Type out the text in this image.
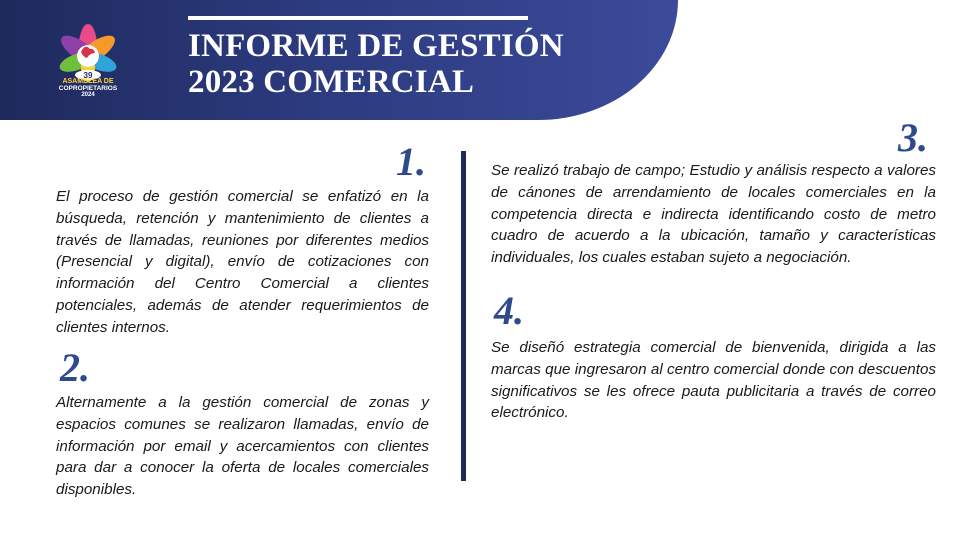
INFORME DE GESTIÓN
2023 COMERCIAL
39
ASAMBLEA DE
COPROPIETARIOS
2024
1.

El proceso de gestión comercial se enfatizó en la búsqueda, retención y mantenimiento de clientes a través de llamadas, reuniones por diferentes medios (Presencial y digital), envío de cotizaciones con información del Centro Comercial a clientes potenciales, además de atender requerimientos de clientes internos.

2.

Alternamente a la gestión comercial de zonas y espacios comunes se realizaron llamadas, envío de información por email y acercamientos con clientes para dar a conocer la oferta de locales comerciales disponibles.

3.

Se realizó trabajo de campo; Estudio y análisis respecto a valores de cánones de arrendamiento de locales comerciales en la competencia directa e indirecta identificando costo de metro cuadro de acuerdo a la ubicación, tamaño y características individuales, los cuales estaban sujeto a negociación.

4.

Se diseñó estrategia comercial de bienvenida, dirigida a las marcas que ingresaron al centro comercial donde con descuentos significativos se les ofrece pauta publicitaria a través de correo electrónico.
